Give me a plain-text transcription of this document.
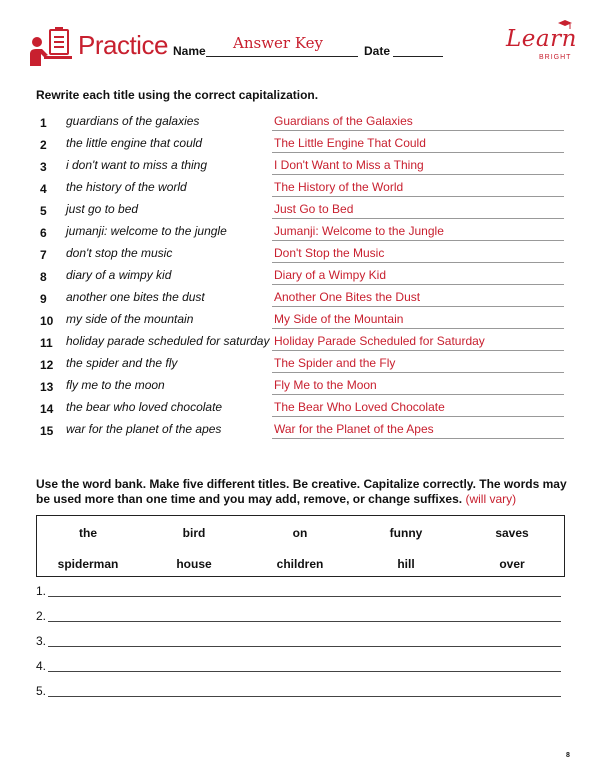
Practice Name Answer Key	Date	Learn
BRIGHT
Rewrite each title using the correct capitalization.
1 guardians of the galaxies	Guardians of the Galaxies
2 the little engine that could	The Little Engine That Could
3 i don't want to miss a thing	I Don't Want to Miss a Thing
4 the history of the world	The History of the World
5 just go to bed	Just Go to Bed
6 jumanji: welcome to the jungle	Jumanji: Welcome to the Jungle
7 don't stop the music	Don't Stop the Music
8 diary of a wimpy kid	Diary of a Wimpy Kid
9 another one bites the dust	Another One Bites the Dust
10 my side of the mountain	My Side of the Mountain
11 holiday parade scheduled for saturday Holiday Parade Scheduled for Saturday
12 the spider and the fly	The Spider and the Fly
13 fly me to the moon	Fly Me to the Moon
14 the bear who loved chocolate	The Bear Who Loved Chocolate
15 war for the planet of the apes	War for the Planet of the Apes
Use the word bank. Make five different titles. Be creative. Capitalize correctly. The words may be used more than one time and you may add, remove, or change suffixes. (will vary)
the	bird	on	funny	saves
spiderman	house	children	hill	over
1.
2.
3.
4.
5.
8
